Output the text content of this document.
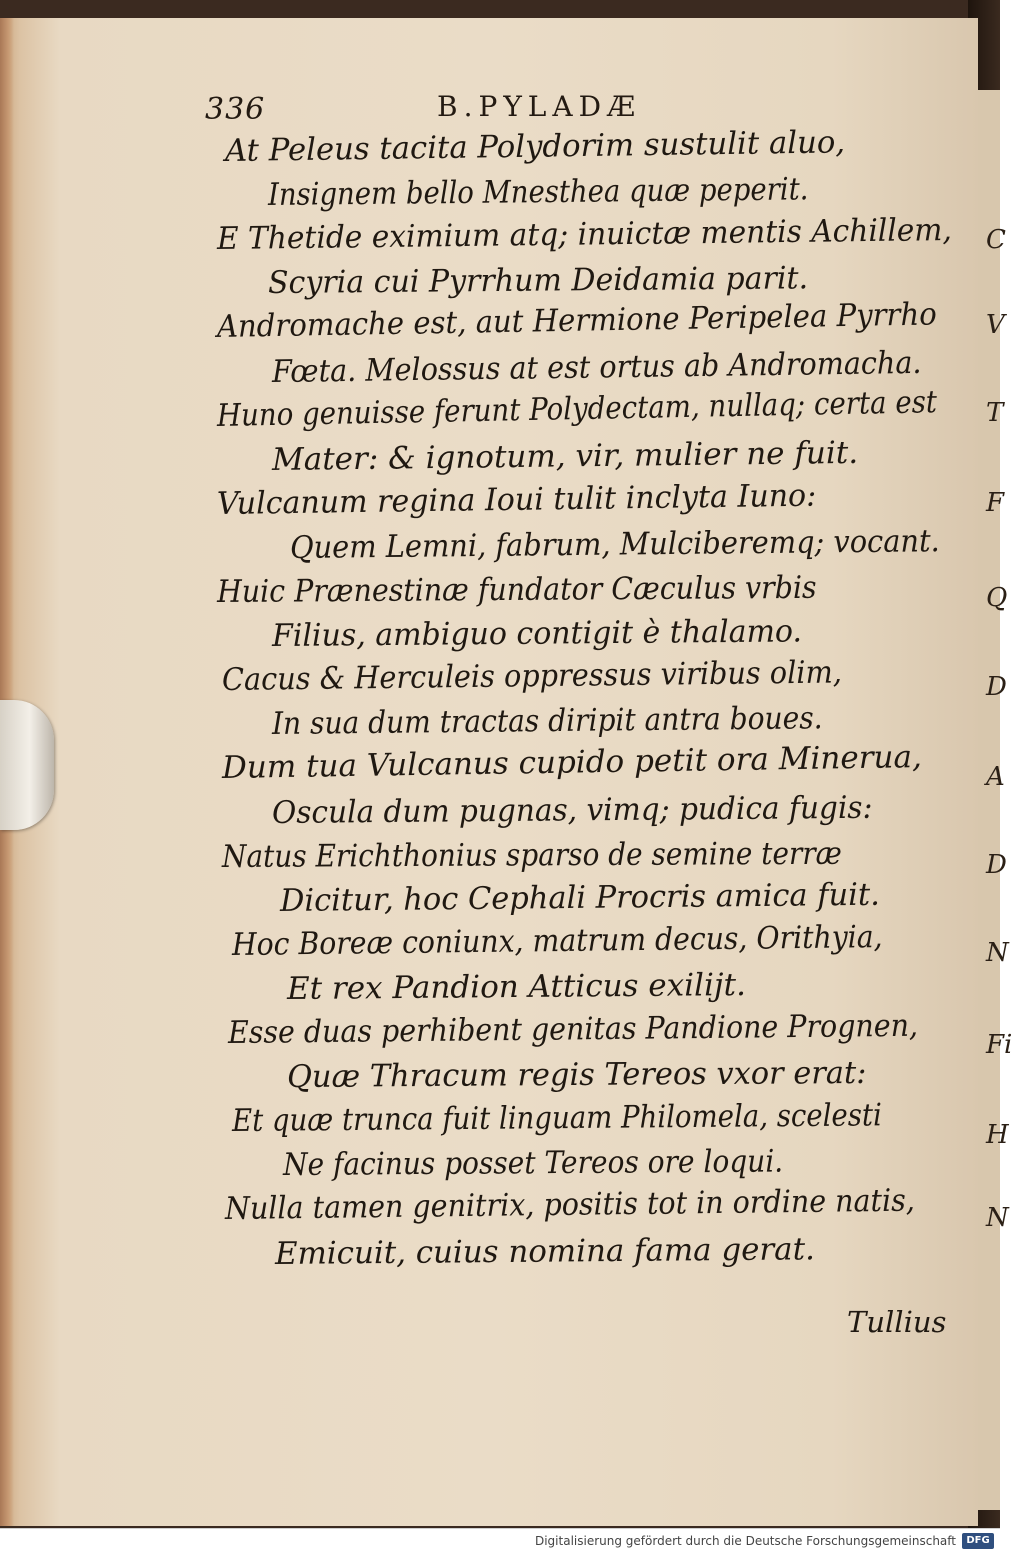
C
V
T
F
Q
D
A
D
N
Fi
H
N
336	B.PYLADÆ
At Peleus tacita Polydorim sustulit aluo,
Insignem bello Mnesthea quæ peperit.
E Thetide eximium atq; inuictæ mentis Achillem,
Scyria cui Pyrrhum Deidamia parit.
Andromache est, aut Hermione Peripelea Pyrrho
Fœta. Melossus at est ortus ab Andromacha.
Huno genuisse ferunt Polydectam, nullaq; certa est
Mater: & ignotum, vir, mulier ne fuit.
Vulcanum regina Ioui tulit inclyta Iuno:
Quem Lemni, fabrum, Mulciberemq; vocant.
Huic Prænestinæ fundator Cæculus vrbis
Filius, ambiguo contigit è thalamo.
Cacus & Herculeis oppressus viribus olim,
In sua dum tractas diripit antra boues.
Dum tua Vulcanus cupido petit ora Minerua,
Oscula dum pugnas, vimq; pudica fugis:
Natus Erichthonius sparso de semine terræ
Dicitur, hoc Cephali Procris amica fuit.
Hoc Boreæ coniunx, matrum decus, Orithyia,
Et rex Pandion Atticus exilijt.
Esse duas perhibent genitas Pandione Prognen,
Quæ Thracum regis Tereos vxor erat:
Et quæ trunca fuit linguam Philomela, scelesti
Ne facinus posset Tereos ore loqui.
Nulla tamen genitrix, positis tot in ordine natis,
Emicuit, cuius nomina fama gerat.
Tullius
Digitalisierung gefördert durch die Deutsche Forschungsgemeinschaft	DFG
